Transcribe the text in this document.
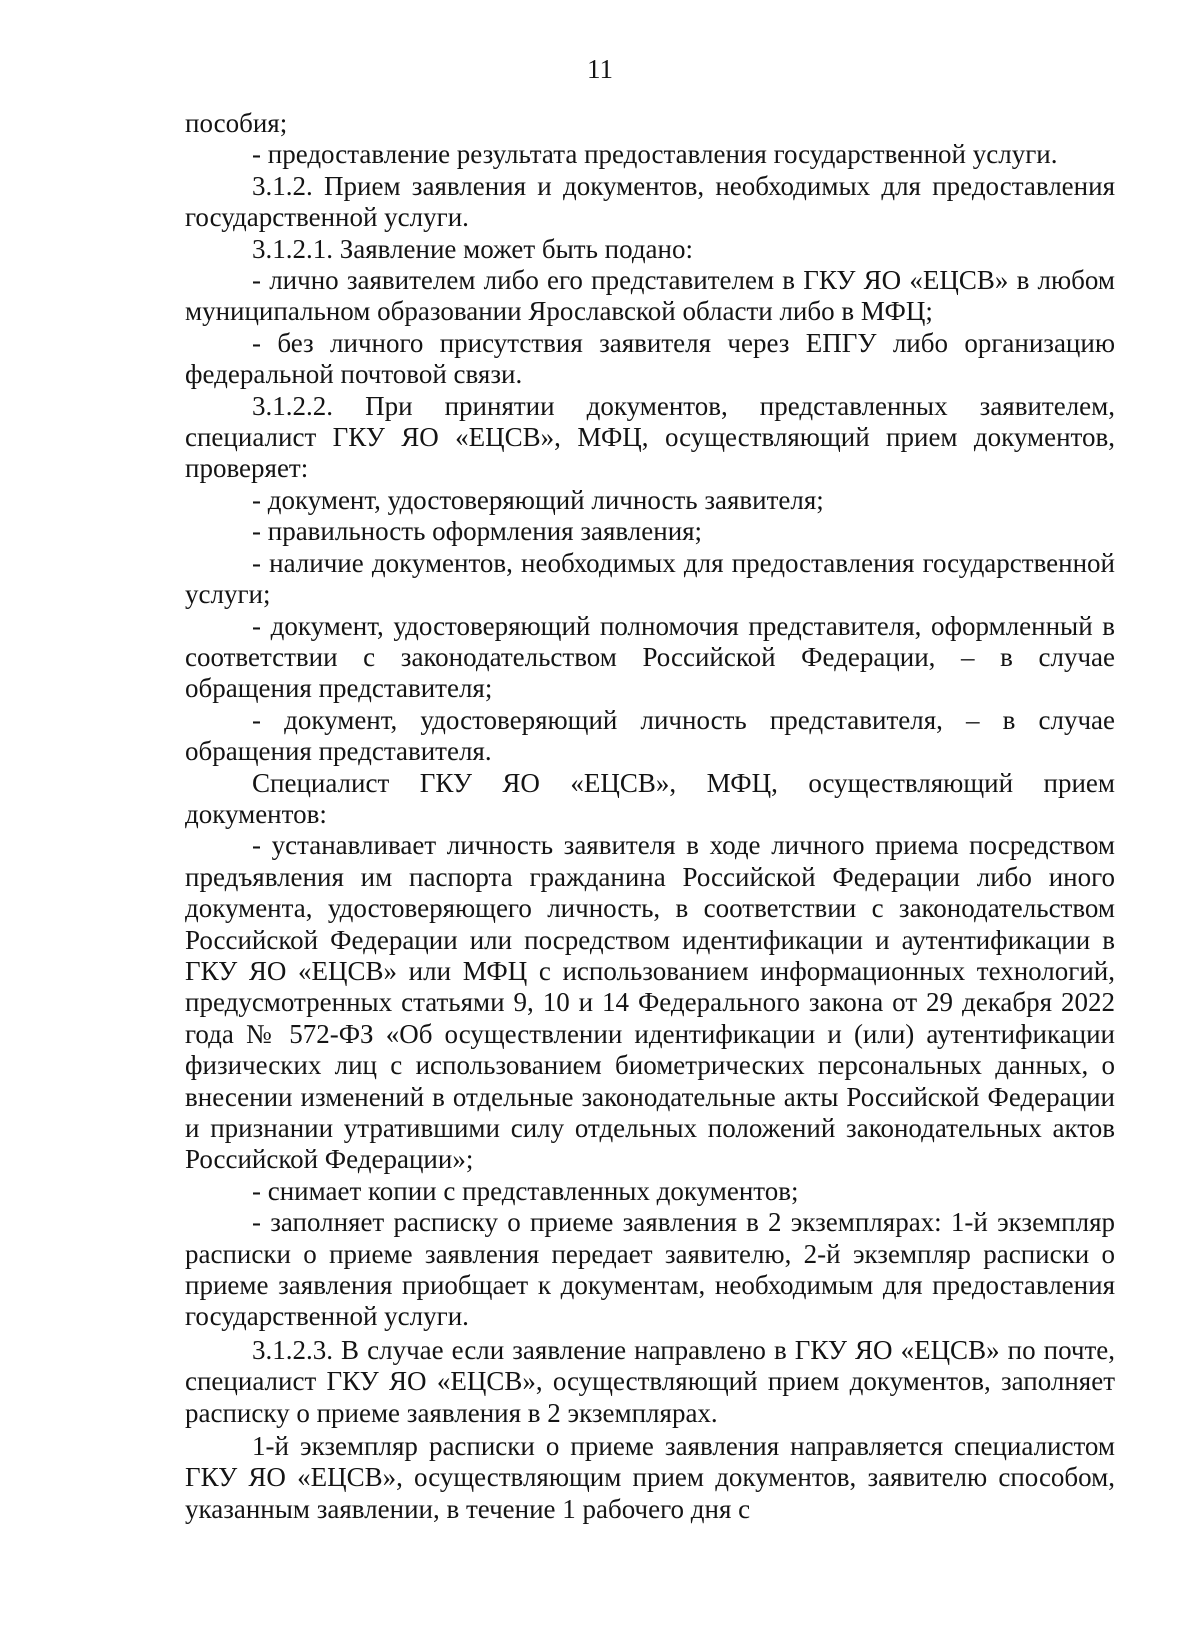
11

пособия;

- предоставление результата предоставления государственной услуги.

3.1.2. Прием заявления и документов, необходимых для предоставления государственной услуги.

3.1.2.1. Заявление может быть подано:

- лично заявителем либо его представителем в ГКУ ЯО «ЕЦСВ» в любом муниципальном образовании Ярославской области либо в МФЦ;

- без личного присутствия заявителя через ЕПГУ либо организацию федеральной почтовой связи.

3.1.2.2. При принятии документов, представленных заявителем, специалист ГКУ ЯО «ЕЦСВ», МФЦ, осуществляющий прием документов, проверяет:

- документ, удостоверяющий личность заявителя;

- правильность оформления заявления;

- наличие документов, необходимых для предоставления государственной услуги;

- документ, удостоверяющий полномочия представителя, оформленный в соответствии с законодательством Российской Федерации, – в случае обращения представителя;

- документ, удостоверяющий личность представителя, – в случае обращения представителя.

Специалист ГКУ ЯО «ЕЦСВ», МФЦ, осуществляющий прием документов:

- устанавливает личность заявителя в ходе личного приема посредством предъявления им паспорта гражданина Российской Федерации либо иного документа, удостоверяющего личность, в соответствии с законодательством Российской Федерации или посредством идентификации и аутентификации в ГКУ ЯО «ЕЦСВ» или МФЦ с использованием информационных технологий, предусмотренных статьями 9, 10 и 14 Федерального закона от 29 декабря 2022 года № 572-ФЗ «Об осуществлении идентификации и (или) аутентификации физических лиц с использованием биометрических персональных данных, о внесении изменений в отдельные законодательные акты Российской Федерации и признании утратившими силу отдельных положений законодательных актов Российской Федерации»;

- снимает копии с представленных документов;

- заполняет расписку о приеме заявления в 2 экземплярах: 1-й экземпляр расписки о приеме заявления передает заявителю, 2-й экземпляр расписки о приеме заявления приобщает к документам, необходимым для предоставления государственной услуги.

3.1.2.3. В случае если заявление направлено в ГКУ ЯО «ЕЦСВ» по почте, специалист ГКУ ЯО «ЕЦСВ», осуществляющий прием документов, заполняет расписку о приеме заявления в 2 экземплярах.

1-й экземпляр расписки о приеме заявления направляется специалистом ГКУ ЯО «ЕЦСВ», осуществляющим прием документов, заявителю способом, указанным заявлении, в течение 1 рабочего дня с
